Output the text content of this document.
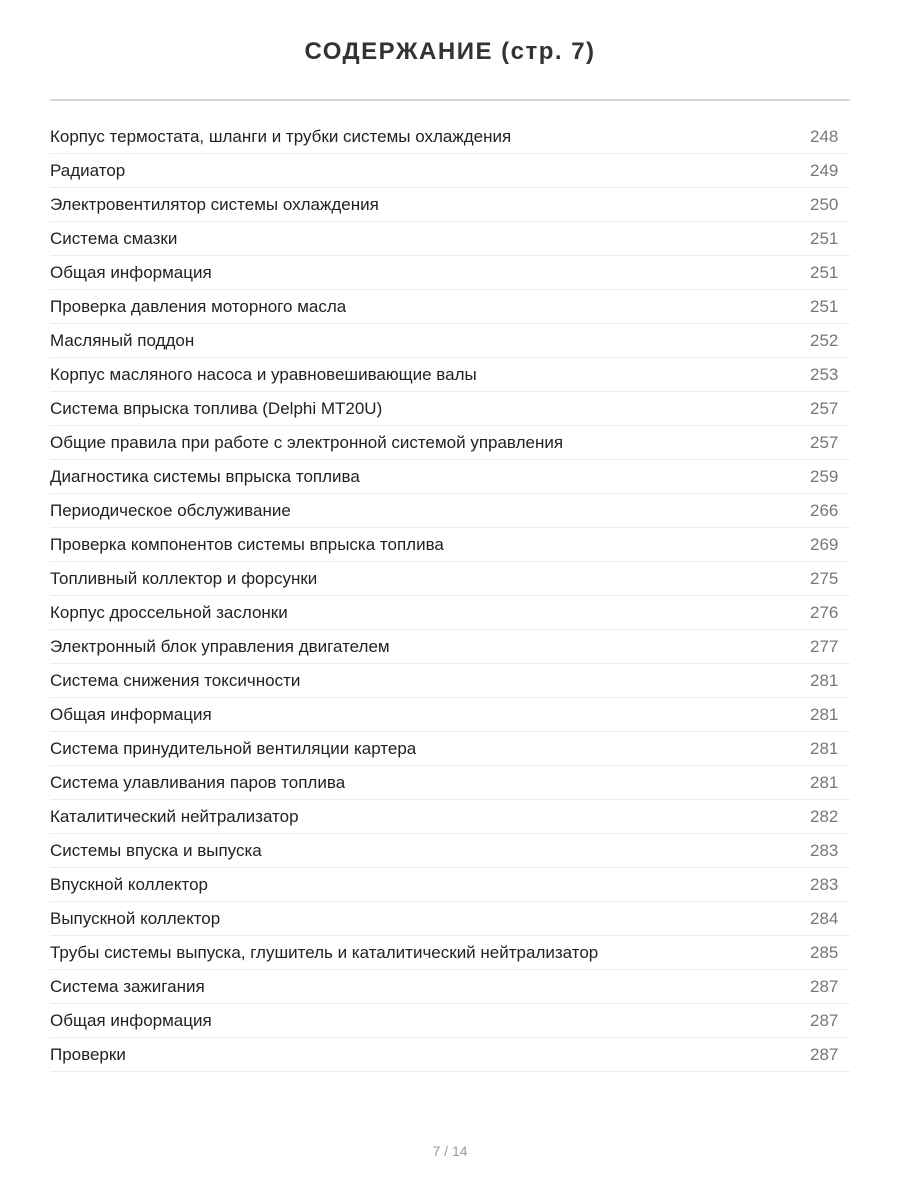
СОДЕРЖАНИЕ (стр. 7)
Корпус термостата, шланги и трубки системы охлаждения	248
Радиатор	249
Электровентилятор системы охлаждения	250
Система смазки	251
Общая информация	251
Проверка давления моторного масла	251
Масляный поддон	252
Корпус масляного насоса и уравновешивающие валы	253
Система впрыска топлива (Delphi MT20U)	257
Общие правила при работе с электронной системой управления	257
Диагностика системы впрыска топлива	259
Периодическое обслуживание	266
Проверка компонентов системы впрыска топлива	269
Топливный коллектор и форсунки	275
Корпус дроссельной заслонки	276
Электронный блок управления двигателем	277
Система снижения токсичности	281
Общая информация	281
Система принудительной вентиляции картера	281
Система улавливания паров топлива	281
Каталитический нейтрализатор	282
Системы впуска и выпуска	283
Впускной коллектор	283
Выпускной коллектор	284
Трубы системы выпуска, глушитель и каталитический нейтрализатор	285
Система зажигания	287
Общая информация	287
Проверки	287
7 / 14
